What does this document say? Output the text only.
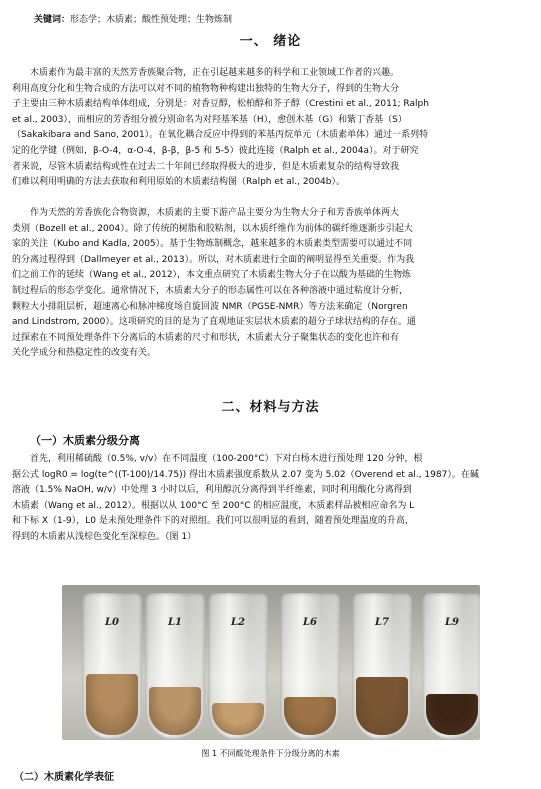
关键词：形态学；木质素；酸性预处理；生物炼制
一、 绪论
木质素作为最丰富的天然芳香族聚合物，正在引起越来越多的科学和工业领域工作者的兴趣。
利用高度分化和生物合成的方法可以对不同的植物物种构建出独特的生物大分子，得到的生物大分
子主要由三种木质素结构单体组成，分别是：对香豆醇，松柏醇和芥子醇（Crestini et al., 2011; Ralph
et al., 2003），而相应的芳香组分被分别命名为对羟基苯基（H），愈创木基（G）和紫丁香基（S）
（Sakakibara and Sano, 2001）。在氧化耦合反应中得到的苯基丙烷单元（木质素单体）通过一系列特
定的化学键（例如，β-O-4，α-O-4，β-β，β-5 和 5-5）彼此连接（Ralph et al., 2004a）。对于研究
者来说，尽管木质素结构或性在过去二十年间已经取得极大的进步，但是木质素复杂的结构导致我
们难以利用明确的方法去获取和利用原始的木质素结构图（Ralph et al., 2004b）。
作为天然的芳香族化合物资源，木质素的主要下游产品主要分为生物大分子和芳香族单体两大
类别（Bozell et al., 2004）。除了传统的树脂和胶粘剂，以木质纤维作为前体的碳纤维逐渐步引起大
家的关注（Kubo and Kadla, 2005）。基于生物炼制概念，越来越多的木质素类型需要可以通过不同
的分离过程得到（Dallmeyer et al., 2013）。所以，对木质素进行全面的阐明显得至关重要。作为我
们之前工作的延续（Wang et al., 2012），本文重点研究了木质素生物大分子在以酸为基础的生物炼
制过程后的形态学变化。通常情况下，木质素大分子的形态属性可以在各种溶液中通过粘度计分析，
颗粒大小排阻层析，超速离心和脉冲梯度场自旋回波 NMR（PGSE-NMR）等方法来确定（Norgren
and Lindstrom, 2000）。这项研究的目的是为了直观地证实层状木质素的超分子球状结构的存在。通
过探索在不同预处理条件下分离后的木质素的尺寸和形状，木质素大分子聚集状态的变化也许和有
关化学成分和热稳定性的改变有关。
二、材料与方法
（一）木质素分级分离
首先，利用稀硫酸（0.5%, v/v）在不同温度（100-200°C）下对白杨木进行预处理 120 分钟，根
据公式 logR0 = log(te^((T-100)/14.75)) 得出木质素强度系数从 2.07 变为 5.02（Overend et al., 1987）。在碱
溶液（1.5% NaOH, w/v）中处理 3 小时以后，利用醇沉分离得到半纤维素，同时利用酸化分离得到
木质素（Wang et al., 2012）。根据以从 100°C 至 200°C 的相应温度，木质素样品被相应命名为 L
和下标 X（1-9），L0 是未预处理条件下的对照组。我们可以很明显的看到，随着预处理温度的升高，
得到的木质素从浅棕色变化至深棕色。（图 1）
L0	L1	L2	L6	L7	L9
图 1 不同酸处理条件下分级分离的木素
（二）木质素化学表征
